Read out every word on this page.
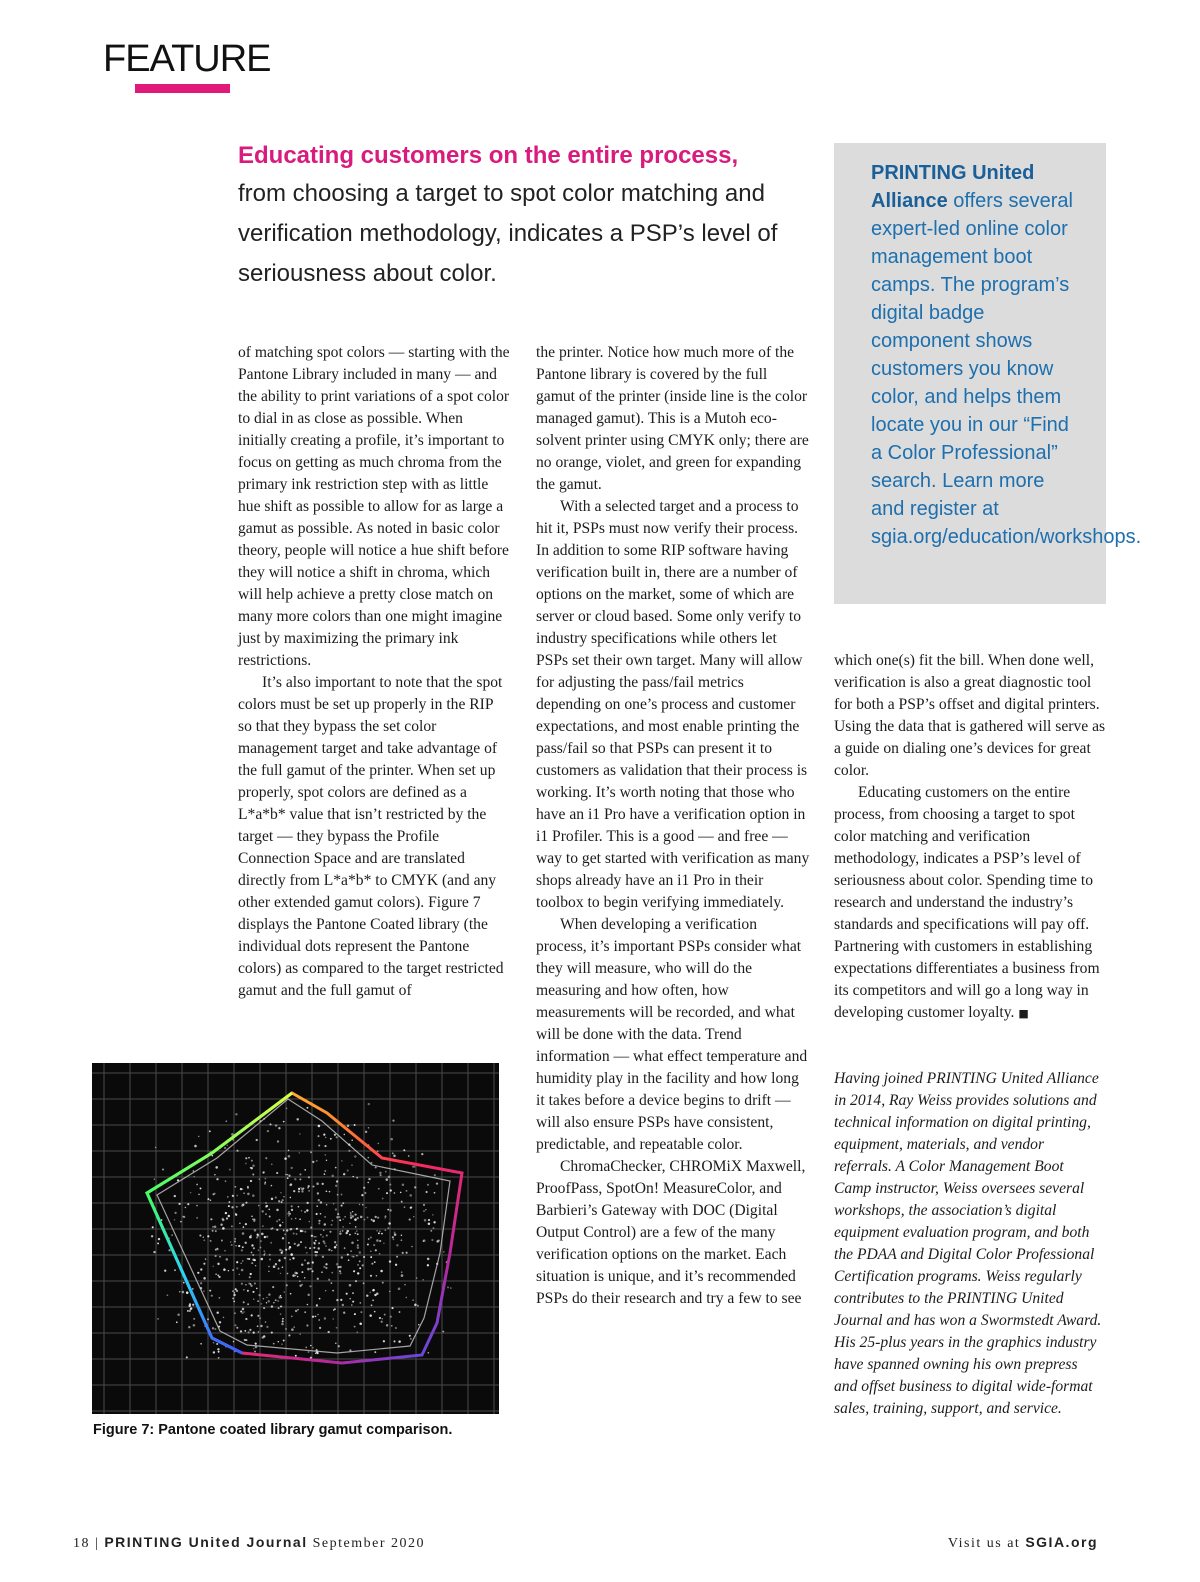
FEATURE
Educating customers on the entire process,
from choosing a target to spot color matching and verification methodology, indicates a PSP’s level of seriousness about color.
PRINTING United Alliance offers several expert-led online color management boot camps. The program’s digital badge component shows customers you know color, and helps them locate you in our “Find a Color Professional” search. Learn more and register at sgia.org/education/workshops.

of matching spot colors — starting with the Pantone Library included in many — and the ability to print variations of a spot color to dial in as close as possible. When initially creating a profile, it’s important to focus on getting as much chroma from the primary ink restriction step with as little hue shift as possible to allow for as large a gamut as possible. As noted in basic color theory, people will notice a hue shift before they will notice a shift in chroma, which will help achieve a pretty close match on many more colors than one might imagine just by maximizing the primary ink restrictions.

It’s also important to note that the spot colors must be set up properly in the RIP so that they bypass the set color management target and take advantage of the full gamut of the printer. When set up properly, spot colors are defined as a L*a*b* value that isn’t restricted by the target — they bypass the Profile Connection Space and are translated directly from L*a*b* to CMYK (and any other extended gamut colors). Figure 7 displays the Pantone Coated library (the individual dots represent the Pantone colors) as compared to the target restricted gamut and the full gamut of

the printer. Notice how much more of the Pantone library is covered by the full gamut of the printer (inside line is the color managed gamut). This is a Mutoh eco-solvent printer using CMYK only; there are no orange, violet, and green for expanding the gamut.

With a selected target and a process to hit it, PSPs must now verify their process. In addition to some RIP software having verification built in, there are a number of options on the market, some of which are server or cloud based. Some only verify to industry specifications while others let PSPs set their own target. Many will allow for adjusting the pass/fail metrics depending on one’s process and customer expectations, and most enable printing the pass/fail so that PSPs can present it to customers as validation that their process is working. It’s worth noting that those who have an i1 Pro have a verification option in i1 Profiler. This is a good — and free — way to get started with verification as many shops already have an i1 Pro in their toolbox to begin verifying immediately.

When developing a verification process, it’s important PSPs consider what they will measure, who will do the measuring and how often, how measurements will be recorded, and what will be done with the data. Trend information — what effect temperature and humidity play in the facility and how long it takes before a device begins to drift — will also ensure PSPs have consistent, predictable, and repeatable color.

ChromaChecker, CHROMiX Maxwell, ProofPass, SpotOn! MeasureColor, and Barbieri’s Gateway with DOC (Digital Output Control) are a few of the many verification options on the market. Each situation is unique, and it’s recommended PSPs do their research and try a few to see

which one(s) fit the bill. When done well, verification is also a great diagnostic tool for both a PSP’s offset and digital printers. Using the data that is gathered will serve as a guide on dialing one’s devices for great color.

Educating customers on the entire process, from choosing a target to spot color matching and verification methodology, indicates a PSP’s level of seriousness about color. Spending time to research and understand the industry’s standards and specifications will pay off. Partnering with customers in establishing expectations differentiates a business from its competitors and will go a long way in developing customer loyalty. ■

Having joined PRINTING United Alliance in 2014, Ray Weiss provides solutions and technical information on digital printing, equipment, materials, and vendor referrals. A Color Management Boot Camp instructor, Weiss oversees several workshops, the association’s digital equipment evaluation program, and both the PDAA and Digital Color Professional Certification programs. Weiss regularly contributes to the PRINTING United Journal and has won a Swormstedt Award. His 25-plus years in the graphics industry have spanned owning his own prepress and offset business to digital wide-format sales, training, support, and service.
Figure 7: Pantone coated library gamut comparison.
18 | PRINTING United Journal September 2020	Visit us at SGIA.org
